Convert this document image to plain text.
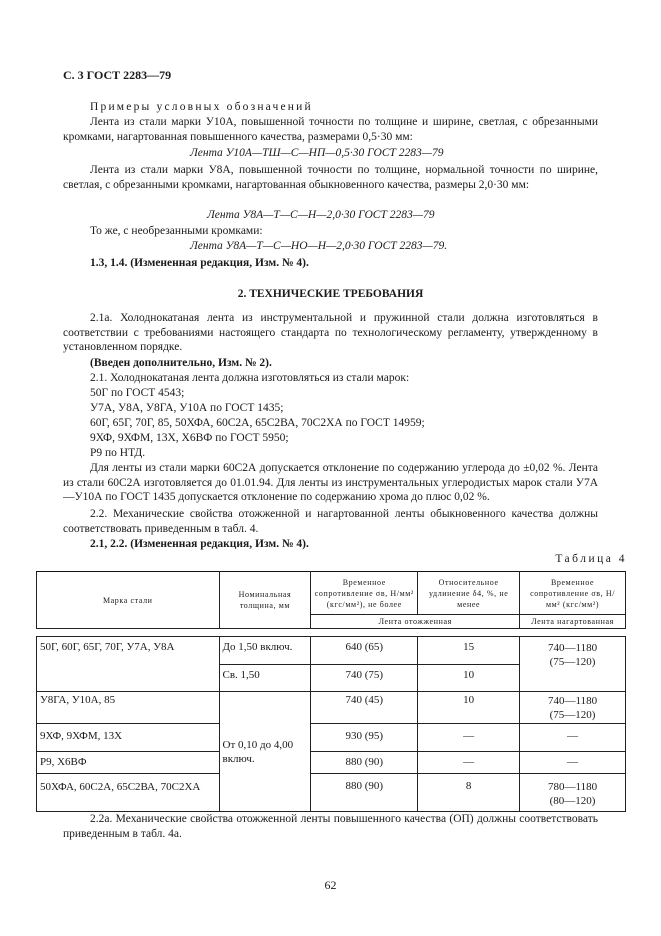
С. 3 ГОСТ 2283—79

Примеры условных обозначений

Лента из стали марки У10А, повышенной точности по толщине и ширине, светлая, с обрезанными кромками, нагартованная повышенного качества, размерами 0,5·30 мм:

Лента У10А—ТШ—С—НП—0,5·30 ГОСТ 2283—79

Лента из стали марки У8А, повышенной точности по толщине, нормальной точности по ширине, светлая, с обрезанными кромками, нагартованная обыкновенного качества, размеры 2,0·30 мм:

Лента У8А—Т—С—Н—2,0·30 ГОСТ 2283—79

То же, с необрезанными кромками:

Лента У8А—Т—С—НО—Н—2,0·30 ГОСТ 2283—79.

1.3, 1.4. (Измененная редакция, Изм. № 4).

2. ТЕХНИЧЕСКИЕ ТРЕБОВАНИЯ

2.1а. Холоднокатаная лента из инструментальной и пружинной стали должна изготовляться в соответствии с требованиями настоящего стандарта по технологическому регламенту, утвержденному в установленном порядке.

(Введен дополнительно, Изм. № 2).

2.1. Холоднокатаная лента должна изготовляться из стали марок:

50Г по ГОСТ 4543;

У7А, У8А, У8ГА, У10А по ГОСТ 1435;

60Г, 65Г, 70Г, 85, 50ХФА, 60С2А, 65С2ВА, 70С2ХА по ГОСТ 14959;

9ХФ, 9ХФМ, 13Х, Х6ВФ по ГОСТ 5950;

Р9 по НТД.

Для ленты из стали марки 60С2А допускается отклонение по содержанию углерода до ±0,02 %. Лента из стали 60С2А изготовляется до 01.01.94. Для ленты из инструментальных углеродистых марок стали У7А—У10А по ГОСТ 1435 допускается отклонение по содержанию хрома до плюс 0,02 %.

2.2. Механические свойства отожженной и нагартованной ленты обыкновенного качества должны соответствовать приведенным в табл. 4.

2.1, 2.2. (Измененная редакция, Изм. № 4).

Таблица 4
Марка стали	Номинальная толщина, мм	Временное сопротивление σв, Н/мм² (кгс/мм²), не более	Относительное удлинение δ4, %, не менее	Временное сопротивление σв, Н/мм² (кгс/мм²)
		Лента отожженная		Лента нагартованная

50Г, 60Г, 65Г, 70Г, У7А, У8А	До 1,50 включ.	640 (65)	15	740—1180
(75—120)

	Св. 1,50	740 (75)	10	
У8ГА, У10А, 85	От 0,10 до 4,00 включ.	740 (45)	10	740—1180
(75—120)

9ХФ, 9ХФМ, 13Х		930 (95)	—	—
Р9, Х6ВФ		880 (90)	—	—
50ХФА, 60С2А, 65С2ВА, 70С2ХА		880 (90)	8	780—1180
(80—120)

2.2а. Механические свойства отожженной ленты повышенного качества (ОП) должны соответствовать приведенным в табл. 4а.

62
